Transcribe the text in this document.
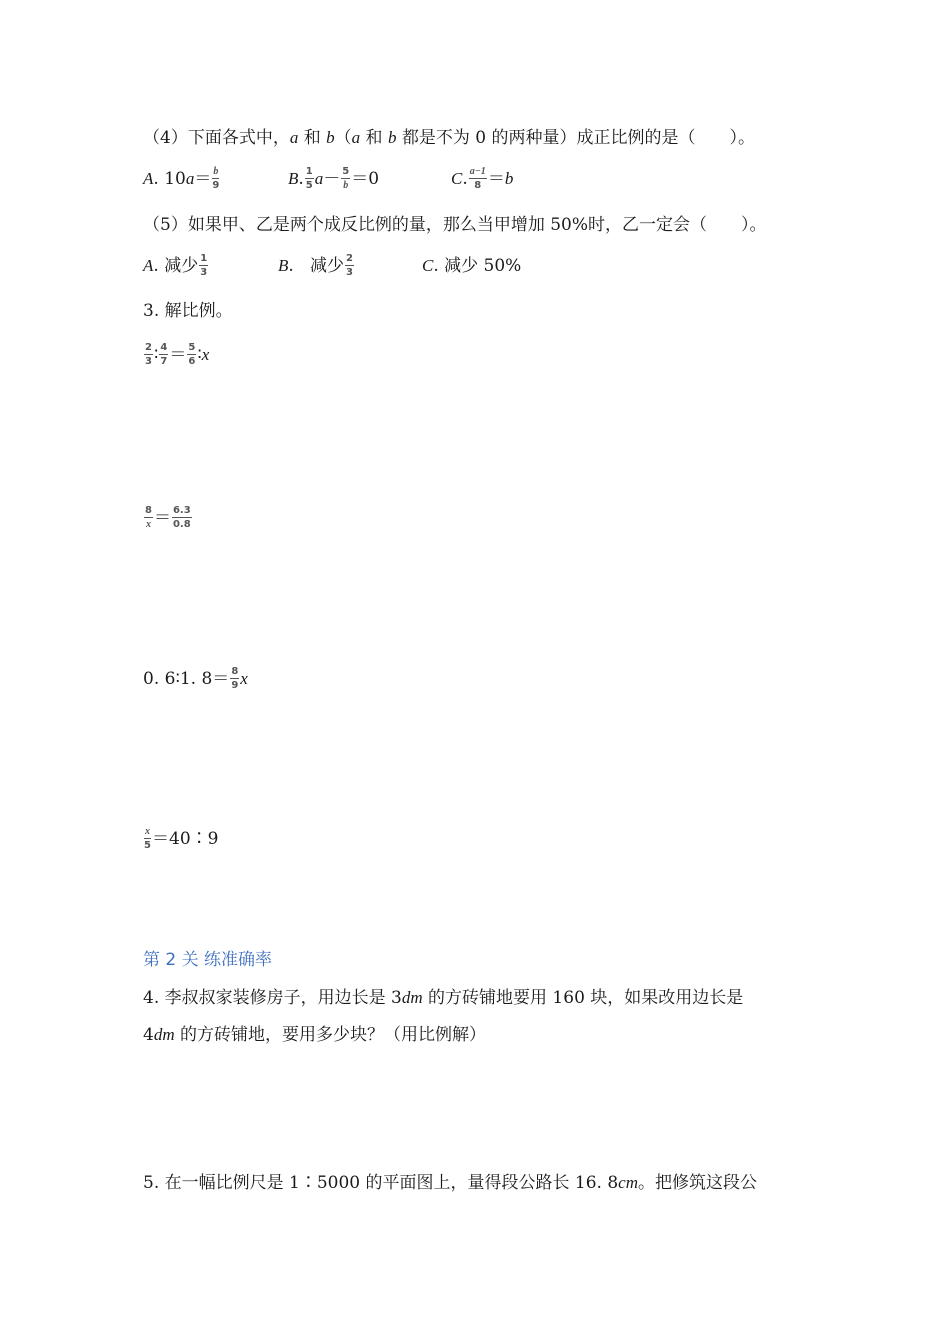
（4）下面各式中，a 和 b（a 和 b 都是不为 0 的两种量）成正比例的是（　　）。
A. $10a= \frac{b}{9}$	B. $\frac{1}{5} a- \frac{5}{b} =0$	C. $\frac{a-1}{8} =b$
（5）如果甲、乙是两个成反比例的量，那么当甲增加 50%时，乙一定会（　　）。
A. 减少 $\frac{1}{3}$	B.   减少 $\frac{2}{3}$	C. 减少 50%
3. 解比例。
$\frac{2}{3}$ ∶ $\frac{4}{7} = \frac{5}{6}$ ∶x
$\frac{8}{x} = \frac{6.3}{0.8}$
0. 6∶1. $8= \frac{8}{9}$ x
$\frac{x}{5}$ ＝40∶9
第 2 关 练准确率
4. 李叔叔家装修房子，用边长是 3dm 的方砖铺地要用 160 块，如果改用边长是
4dm 的方砖铺地，要用多少块？（用比例解）
5. 在一幅比例尺是 1∶5000 的平面图上，量得段公路长 16. 8cm。把修筑这段公
